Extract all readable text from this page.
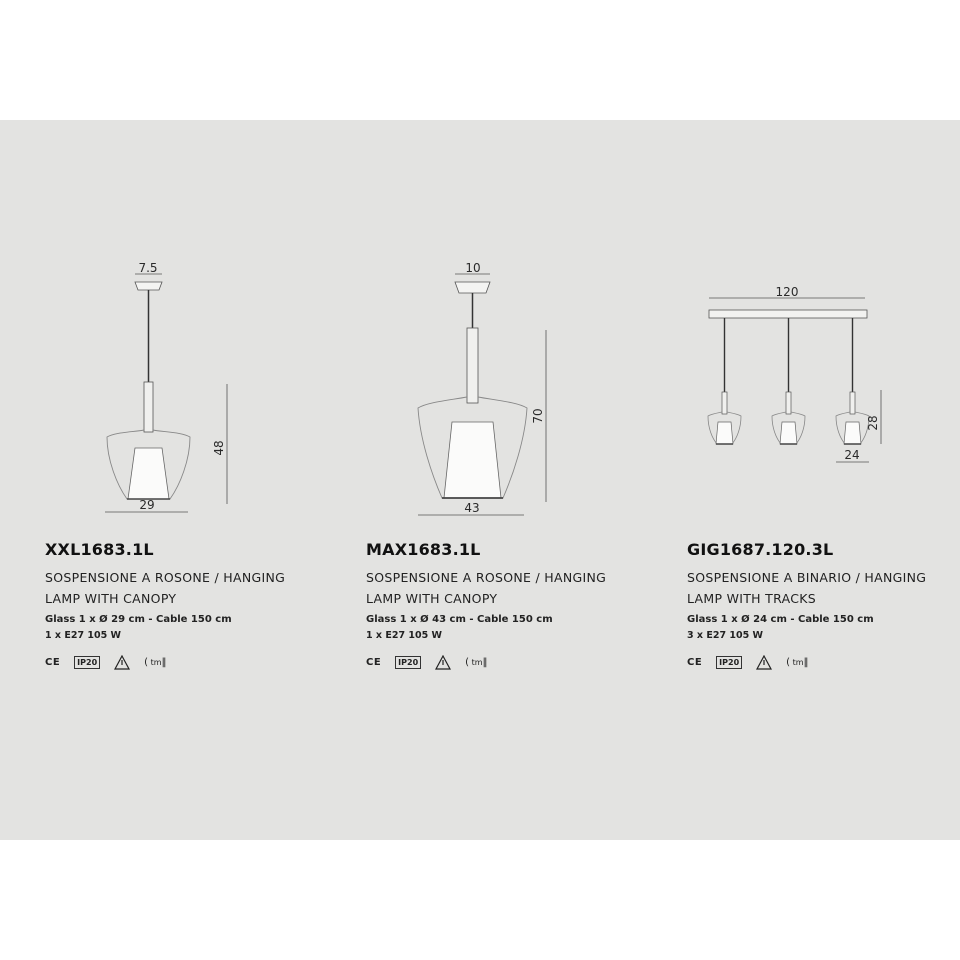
7.5
48
29
XXL1683.1L
SOSPENSIONE A ROSONE / HANGING
LAMP WITH CANOPY
Glass 1 x Ø 29 cm - Cable 150 cm
1 x E27 105 W
CE	IP20	(
tm ‖
10
70
43
MAX1683.1L
SOSPENSIONE A ROSONE / HANGING
LAMP WITH CANOPY
Glass 1 x Ø 43 cm - Cable 150 cm
1 x E27 105 W
CE	IP20	(
tm ‖
120
28
24
GIG1687.120.3L
SOSPENSIONE A BINARIO / HANGING
LAMP WITH TRACKS
Glass 1 x Ø 24 cm - Cable 150 cm
3 x E27 105 W
CE	IP20	(
tm ‖
